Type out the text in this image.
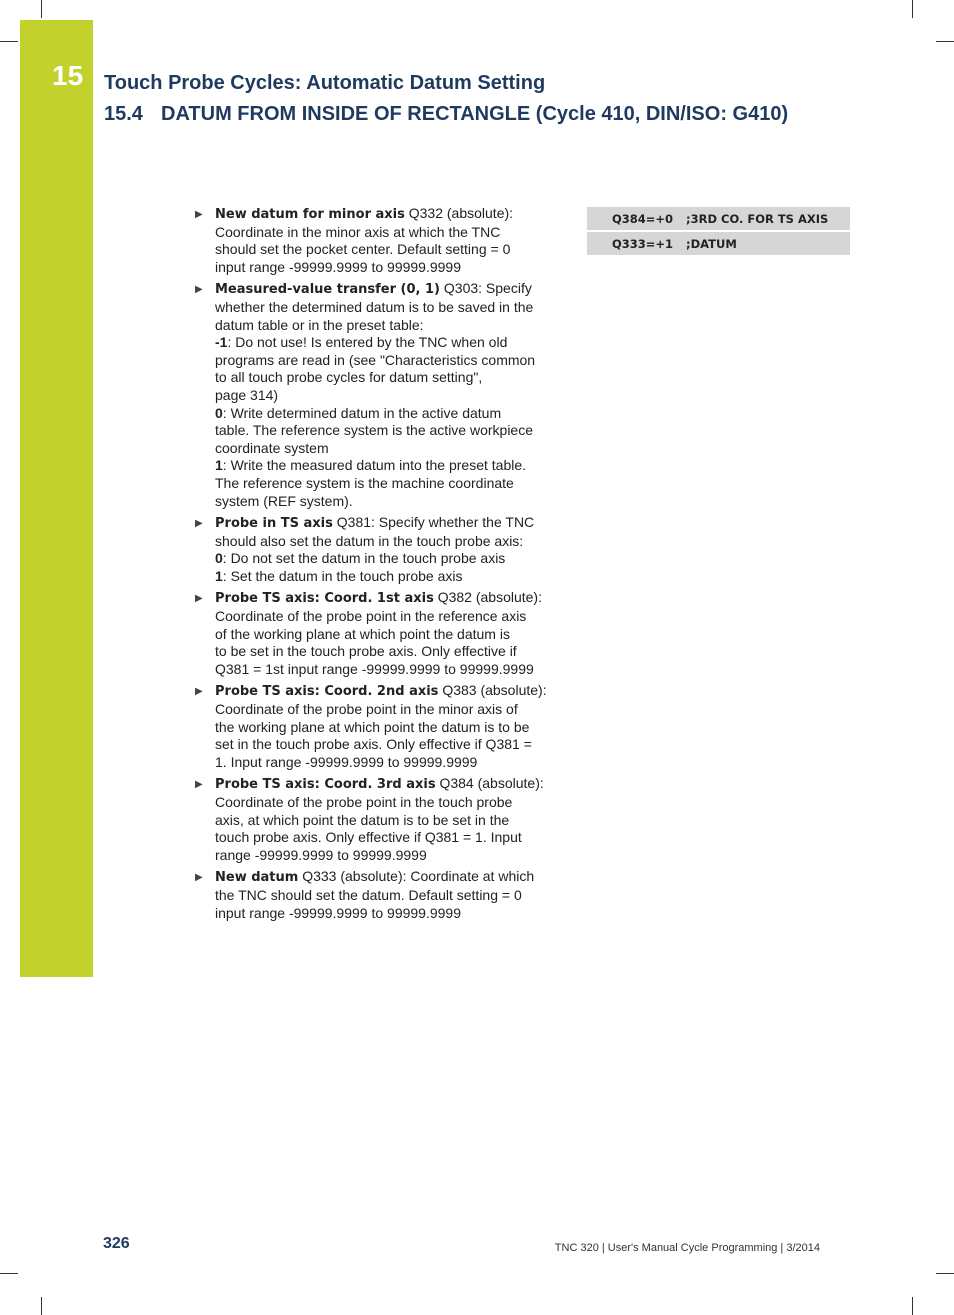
15 Touch Probe Cycles: Automatic Datum Setting
15.4 DATUM FROM INSIDE OF RECTANGLE (Cycle 410, DIN/ISO: G410)
▶ New datum for minor axis Q332 (absolute):
Coordinate in the minor axis at which the TNC
should set the pocket center. Default setting = 0
input range -99999.9999 to 99999.9999
▶ Measured-value transfer (0, 1) Q303: Specify
whether the determined datum is to be saved in the
datum table or in the preset table:
-1: Do not use! Is entered by the TNC when old
programs are read in (see "Characteristics common
to all touch probe cycles for datum setting",
page 314)
0: Write determined datum in the active datum
table. The reference system is the active workpiece
coordinate system
1: Write the measured datum into the preset table.
The reference system is the machine coordinate
system (REF system).
▶ Probe in TS axis Q381: Specify whether the TNC
should also set the datum in the touch probe axis:
0: Do not set the datum in the touch probe axis
1: Set the datum in the touch probe axis
▶ Probe TS axis: Coord. 1st axis Q382 (absolute):
Coordinate of the probe point in the reference axis
of the working plane at which point the datum is
to be set in the touch probe axis. Only effective if
Q381 = 1st input range -99999.9999 to 99999.9999
▶ Probe TS axis: Coord. 2nd axis Q383 (absolute):
Coordinate of the probe point in the minor axis of
the working plane at which point the datum is to be
set in the touch probe axis. Only effective if Q381 =
1. Input range -99999.9999 to 99999.9999
▶ Probe TS axis: Coord. 3rd axis Q384 (absolute):
Coordinate of the probe point in the touch probe
axis, at which point the datum is to be set in the
touch probe axis. Only effective if Q381 = 1. Input
range -99999.9999 to 99999.9999
▶ New datum Q333 (absolute): Coordinate at which
the TNC should set the datum. Default setting = 0
input range -99999.9999 to 99999.9999
Q384=+0	;3RD CO. FOR TS AXIS
Q333=+1	;DATUM
326	TNC 320 | User's Manual Cycle Programming | 3/2014
